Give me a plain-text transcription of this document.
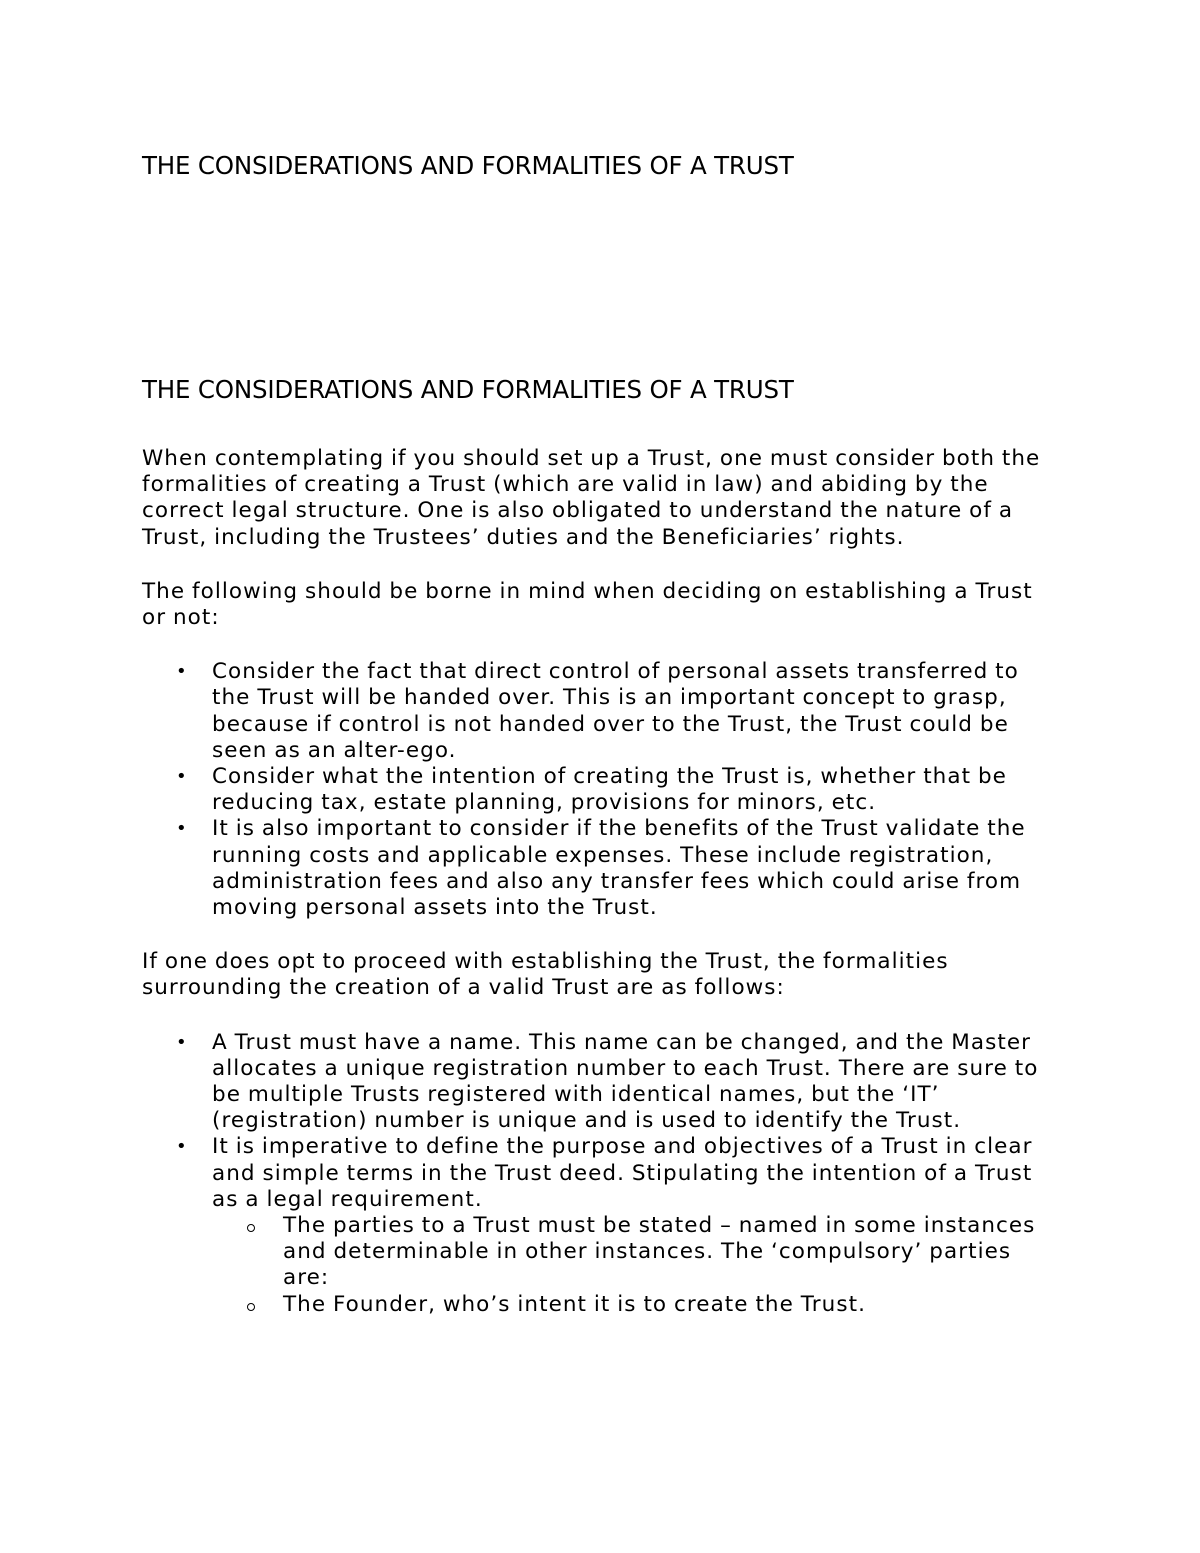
THE CONSIDERATIONS AND FORMALITIES OF A TRUST
THE CONSIDERATIONS AND FORMALITIES OF A TRUST

When contemplating if you should set up a Trust, one must consider both the formalities of creating a Trust (which are valid in law) and abiding by the correct legal structure. One is also obligated to understand the nature of a Trust, including the Trustees’ duties and the Beneficiaries’ rights.

The following should be borne in mind when deciding on establishing a Trust or not:

• Consider the fact that direct control of personal assets transferred to the Trust will be handed over. This is an important concept to grasp, because if control is not handed over to the Trust, the Trust could be seen as an alter-ego.
• Consider what the intention of creating the Trust is, whether that be reducing tax, estate planning, provisions for minors, etc.
• It is also important to consider if the benefits of the Trust validate the running costs and applicable expenses. These include registration, administration fees and also any transfer fees which could arise from moving personal assets into the Trust.

If one does opt to proceed with establishing the Trust, the formalities surrounding the creation of a valid Trust are as follows:

• A Trust must have a name. This name can be changed, and the Master allocates a unique registration number to each Trust. There are sure to be multiple Trusts registered with identical names, but the ‘IT’ (registration) number is unique and is used to identify the Trust.
• It is imperative to define the purpose and objectives of a Trust in clear and simple terms in the Trust deed. Stipulating the intention of a Trust as a legal requirement.
The parties to a Trust must be stated – named in some instances and determinable in other instances. The ‘compulsory’ parties are:
The Founder, who’s intent it is to create the Trust.
